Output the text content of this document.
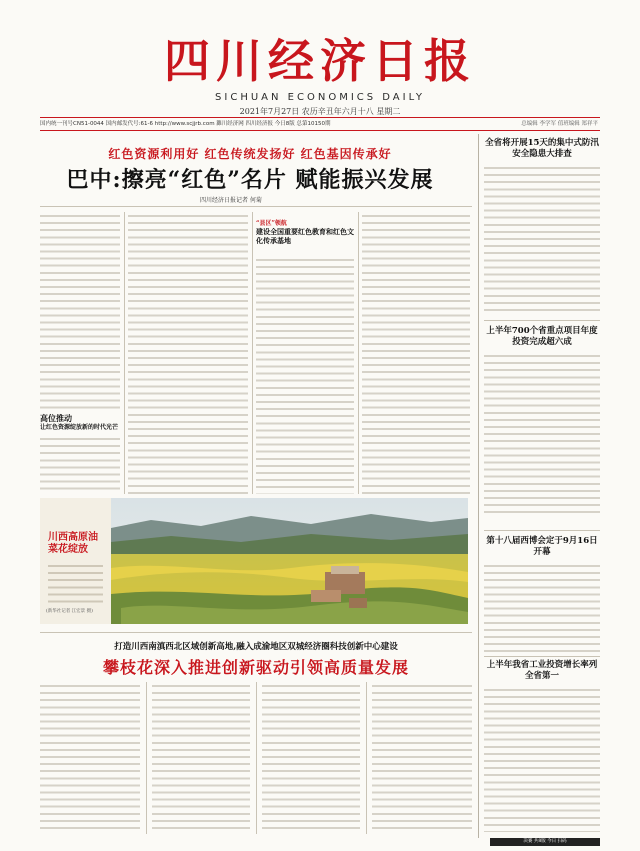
四川经济日报
SICHUAN ECONOMICS DAILY
2021年7月27日 农历辛丑年六月十八 星期二
国内统一刊号CN51-0044 国内邮发代号:61-6 http://www.scjjrb.com 濉川经济网 四川经济报 今日8版 总第10150期	总编辑 李学军 值班编辑 郑祥平
红色资源利用好 红色传统发扬好 红色基因传承好
巴中:擦亮“红色”名片 赋能振兴发展
四川经济日报记者 何菊
高位推动
让红色资源绽放新的时代光芒
“县区”领航
建设全国重要红色教育和红色文化传承基地
全省将开展15天的集中式防汛安全隐患大排查
上半年700个省重点项目年度投资完成超六成
第十八届西博会定于9月16日开幕
上半年我省工业投资增长率列全省第一
川西高原油菜花绽放
(新华社记者 江宏景 摄)
打造川西南滇西北区域创新高地,融入成渝地区双城经济圈科技创新中心建设
攀枝花深入推进创新驱动引领高质量发展
决赛 共8版 今日 扫码
